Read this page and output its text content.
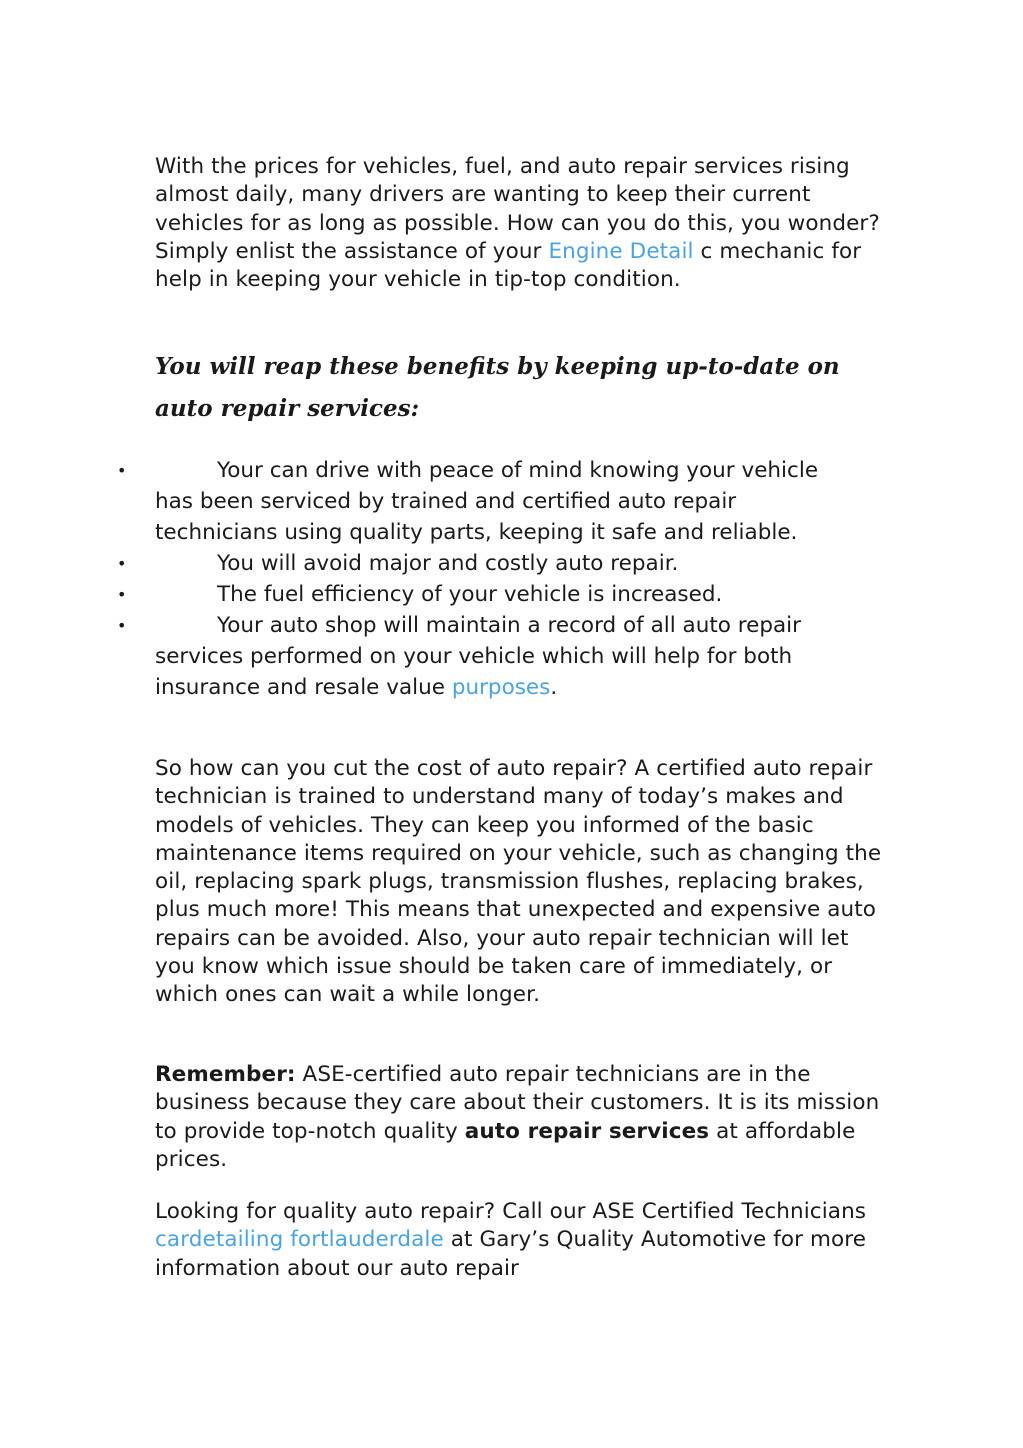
With the prices for vehicles, fuel, and auto repair services rising almost daily, many drivers are wanting to keep their current vehicles for as long as possible. How can you do this, you wonder? Simply enlist the assistance of your Engine Detail c mechanic for help in keeping your vehicle in tip-top condition.

You will reap these benefits by keeping up-to-date on auto repair services:
•	Your can drive with peace of mind knowing your vehicle has been serviced by trained and certified auto repair technicians using quality parts, keeping it safe and reliable.
•	You will avoid major and costly auto repair.
•	The fuel efficiency of your vehicle is increased.
•	Your auto shop will maintain a record of all auto repair services performed on your vehicle which will help for both insurance and resale value purposes.

So how can you cut the cost of auto repair? A certified auto repair technician is trained to understand many of today’s makes and models of vehicles. They can keep you informed of the basic maintenance items required on your vehicle, such as changing the oil, replacing spark plugs, transmission flushes, replacing brakes, plus much more! This means that unexpected and expensive auto repairs can be avoided. Also, your auto repair technician will let you know which issue should be taken care of immediately, or which ones can wait a while longer.

Remember: ASE-certified auto repair technicians are in the business because they care about their customers. It is its mission to provide top-notch quality auto repair services at affordable prices.

Looking for quality auto repair? Call our ASE Certified Technicians cardetailing fortlauderdale at Gary’s Quality Automotive for more information about our auto repair
